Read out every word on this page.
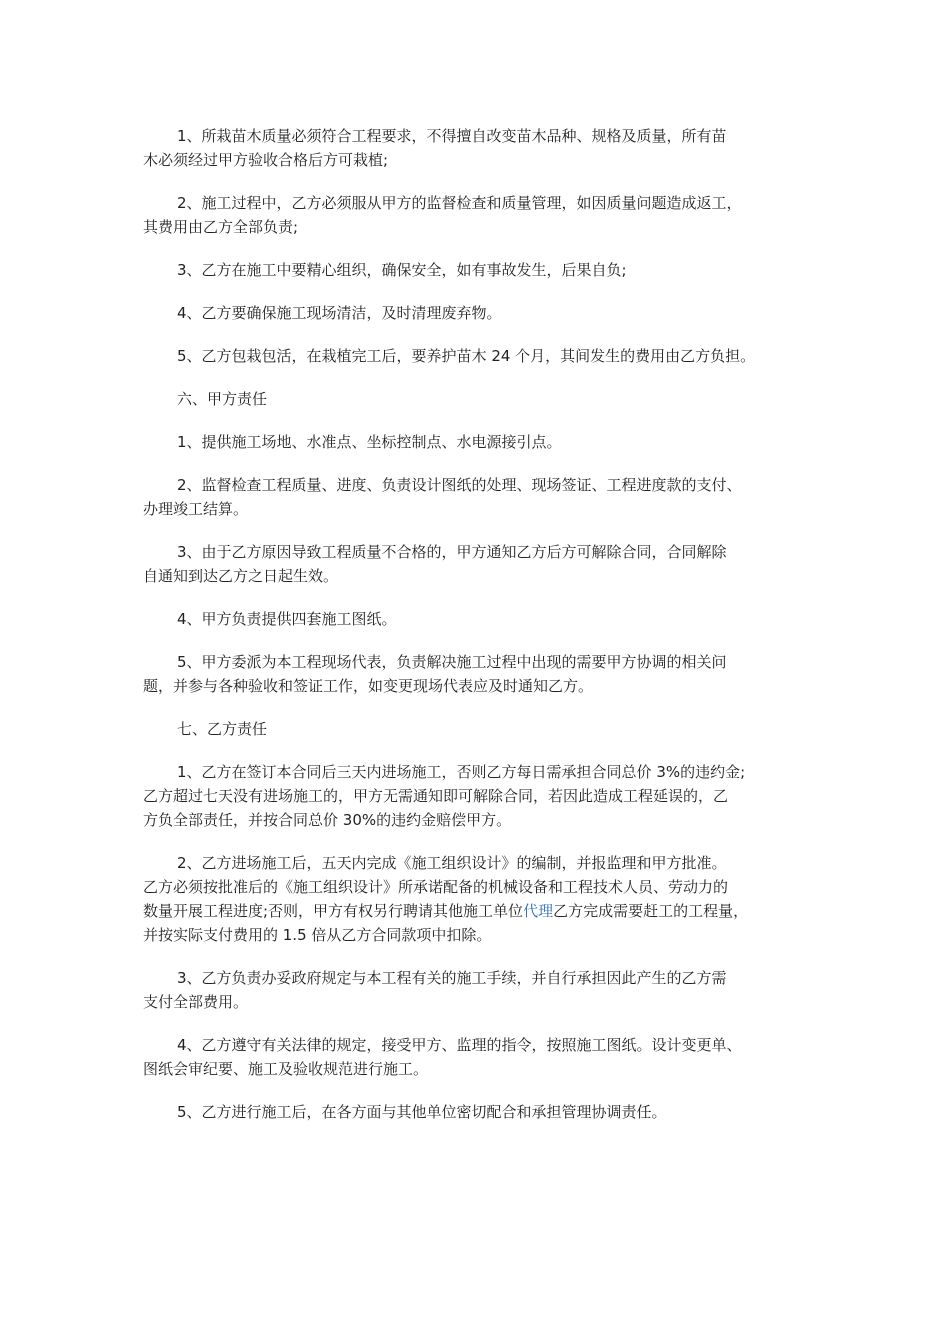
1、所栽苗木质量必须符合工程要求，不得擅自改变苗木品种、规格及质量，所有苗
木必须经过甲方验收合格后方可栽植;

2、施工过程中，乙方必须服从甲方的监督检查和质量管理，如因质量问题造成返工，
其费用由乙方全部负责;

3、乙方在施工中要精心组织，确保安全，如有事故发生，后果自负;

4、乙方要确保施工现场清洁，及时清理废弃物。

5、乙方包栽包活，在栽植完工后，要养护苗木 24 个月，其间发生的费用由乙方负担。

六、甲方责任

1、提供施工场地、水准点、坐标控制点、水电源接引点。

2、监督检查工程质量、进度、负责设计图纸的处理、现场签证、工程进度款的支付、
办理竣工结算。

3、由于乙方原因导致工程质量不合格的，甲方通知乙方后方可解除合同，合同解除
自通知到达乙方之日起生效。

4、甲方负责提供四套施工图纸。

5、甲方委派为本工程现场代表，负责解决施工过程中出现的需要甲方协调的相关问
题，并参与各种验收和签证工作，如变更现场代表应及时通知乙方。

七、乙方责任

1、乙方在签订本合同后三天内进场施工，否则乙方每日需承担合同总价 3%的违约金;
乙方超过七天没有进场施工的，甲方无需通知即可解除合同，若因此造成工程延误的，乙
方负全部责任，并按合同总价 30%的违约金赔偿甲方。

2、乙方进场施工后，五天内完成《施工组织设计》的编制，并报监理和甲方批准。
乙方必须按批准后的《施工组织设计》所承诺配备的机械设备和工程技术人员、劳动力的
数量开展工程进度;否则，甲方有权另行聘请其他施工单位代理乙方完成需要赶工的工程量，
并按实际支付费用的 1.5 倍从乙方合同款项中扣除。

3、乙方负责办妥政府规定与本工程有关的施工手续，并自行承担因此产生的乙方需
支付全部费用。

4、乙方遵守有关法律的规定，接受甲方、监理的指令，按照施工图纸。设计变更单、
图纸会审纪要、施工及验收规范进行施工。

5、乙方进行施工后，在各方面与其他单位密切配合和承担管理协调责任。
